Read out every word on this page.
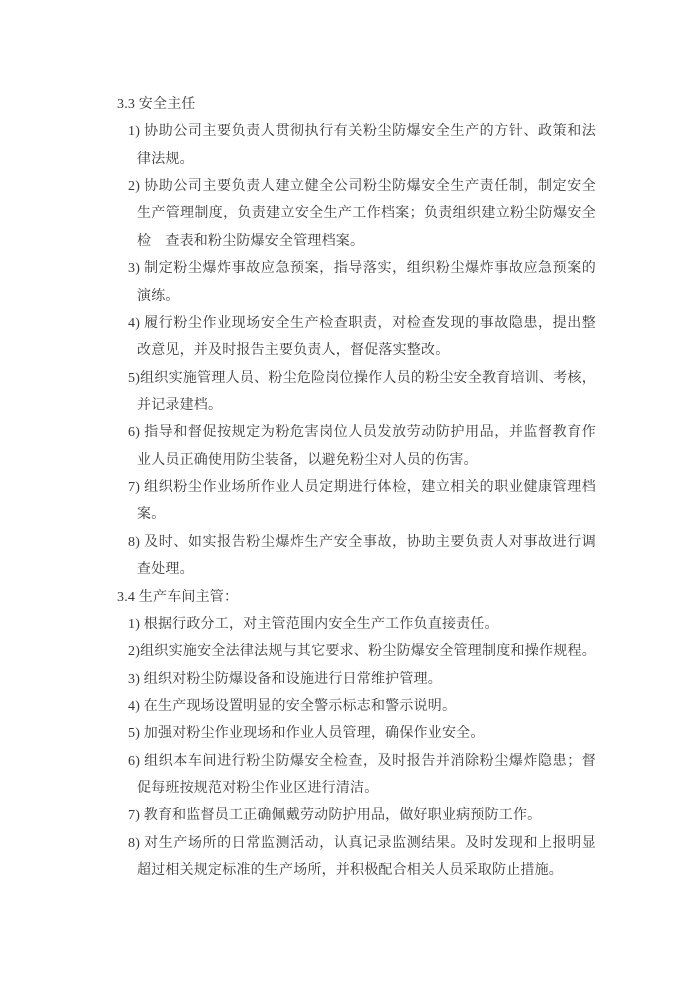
3.3 安全主任
1) 协助公司主要负责人贯彻执行有关粉尘防爆安全生产的方针、政策和法
律法规。
2) 协助公司主要负责人建立健全公司粉尘防爆安全生产责任制，制定安全
生产管理制度，负责建立安全生产工作档案；负责组织建立粉尘防爆安全
检　查表和粉尘防爆安全管理档案。
3) 制定粉尘爆炸事故应急预案，指导落实，组织粉尘爆炸事故应急预案的
演练。
4) 履行粉尘作业现场安全生产检查职责，对检查发现的事故隐患，提出整
改意见，并及时报告主要负责人，督促落实整改。
5)组织实施管理人员、粉尘危险岗位操作人员的粉尘安全教育培训、考核，
并记录建档。
6) 指导和督促按规定为粉危害岗位人员发放劳动防护用品，并监督教育作
业人员正确使用防尘装备，以避免粉尘对人员的伤害。
7) 组织粉尘作业场所作业人员定期进行体检，建立相关的职业健康管理档
案。
8) 及时、如实报告粉尘爆炸生产安全事故，协助主要负责人对事故进行调
查处理。
3.4 生产车间主管：
1) 根据行政分工，对主管范围内安全生产工作负直接责任。
2)组织实施安全法律法规与其它要求、粉尘防爆安全管理制度和操作规程。
3) 组织对粉尘防爆设备和设施进行日常维护管理。
4) 在生产现场设置明显的安全警示标志和警示说明。
5) 加强对粉尘作业现场和作业人员管理，确保作业安全。
6) 组织本车间进行粉尘防爆安全检查，及时报告并消除粉尘爆炸隐患；督
促每班按规范对粉尘作业区进行清洁。
7) 教育和监督员工正确佩戴劳动防护用品，做好职业病预防工作。
8) 对生产场所的日常监测活动，认真记录监测结果。及时发现和上报明显
超过相关规定标准的生产场所，并积极配合相关人员采取防止措施。
